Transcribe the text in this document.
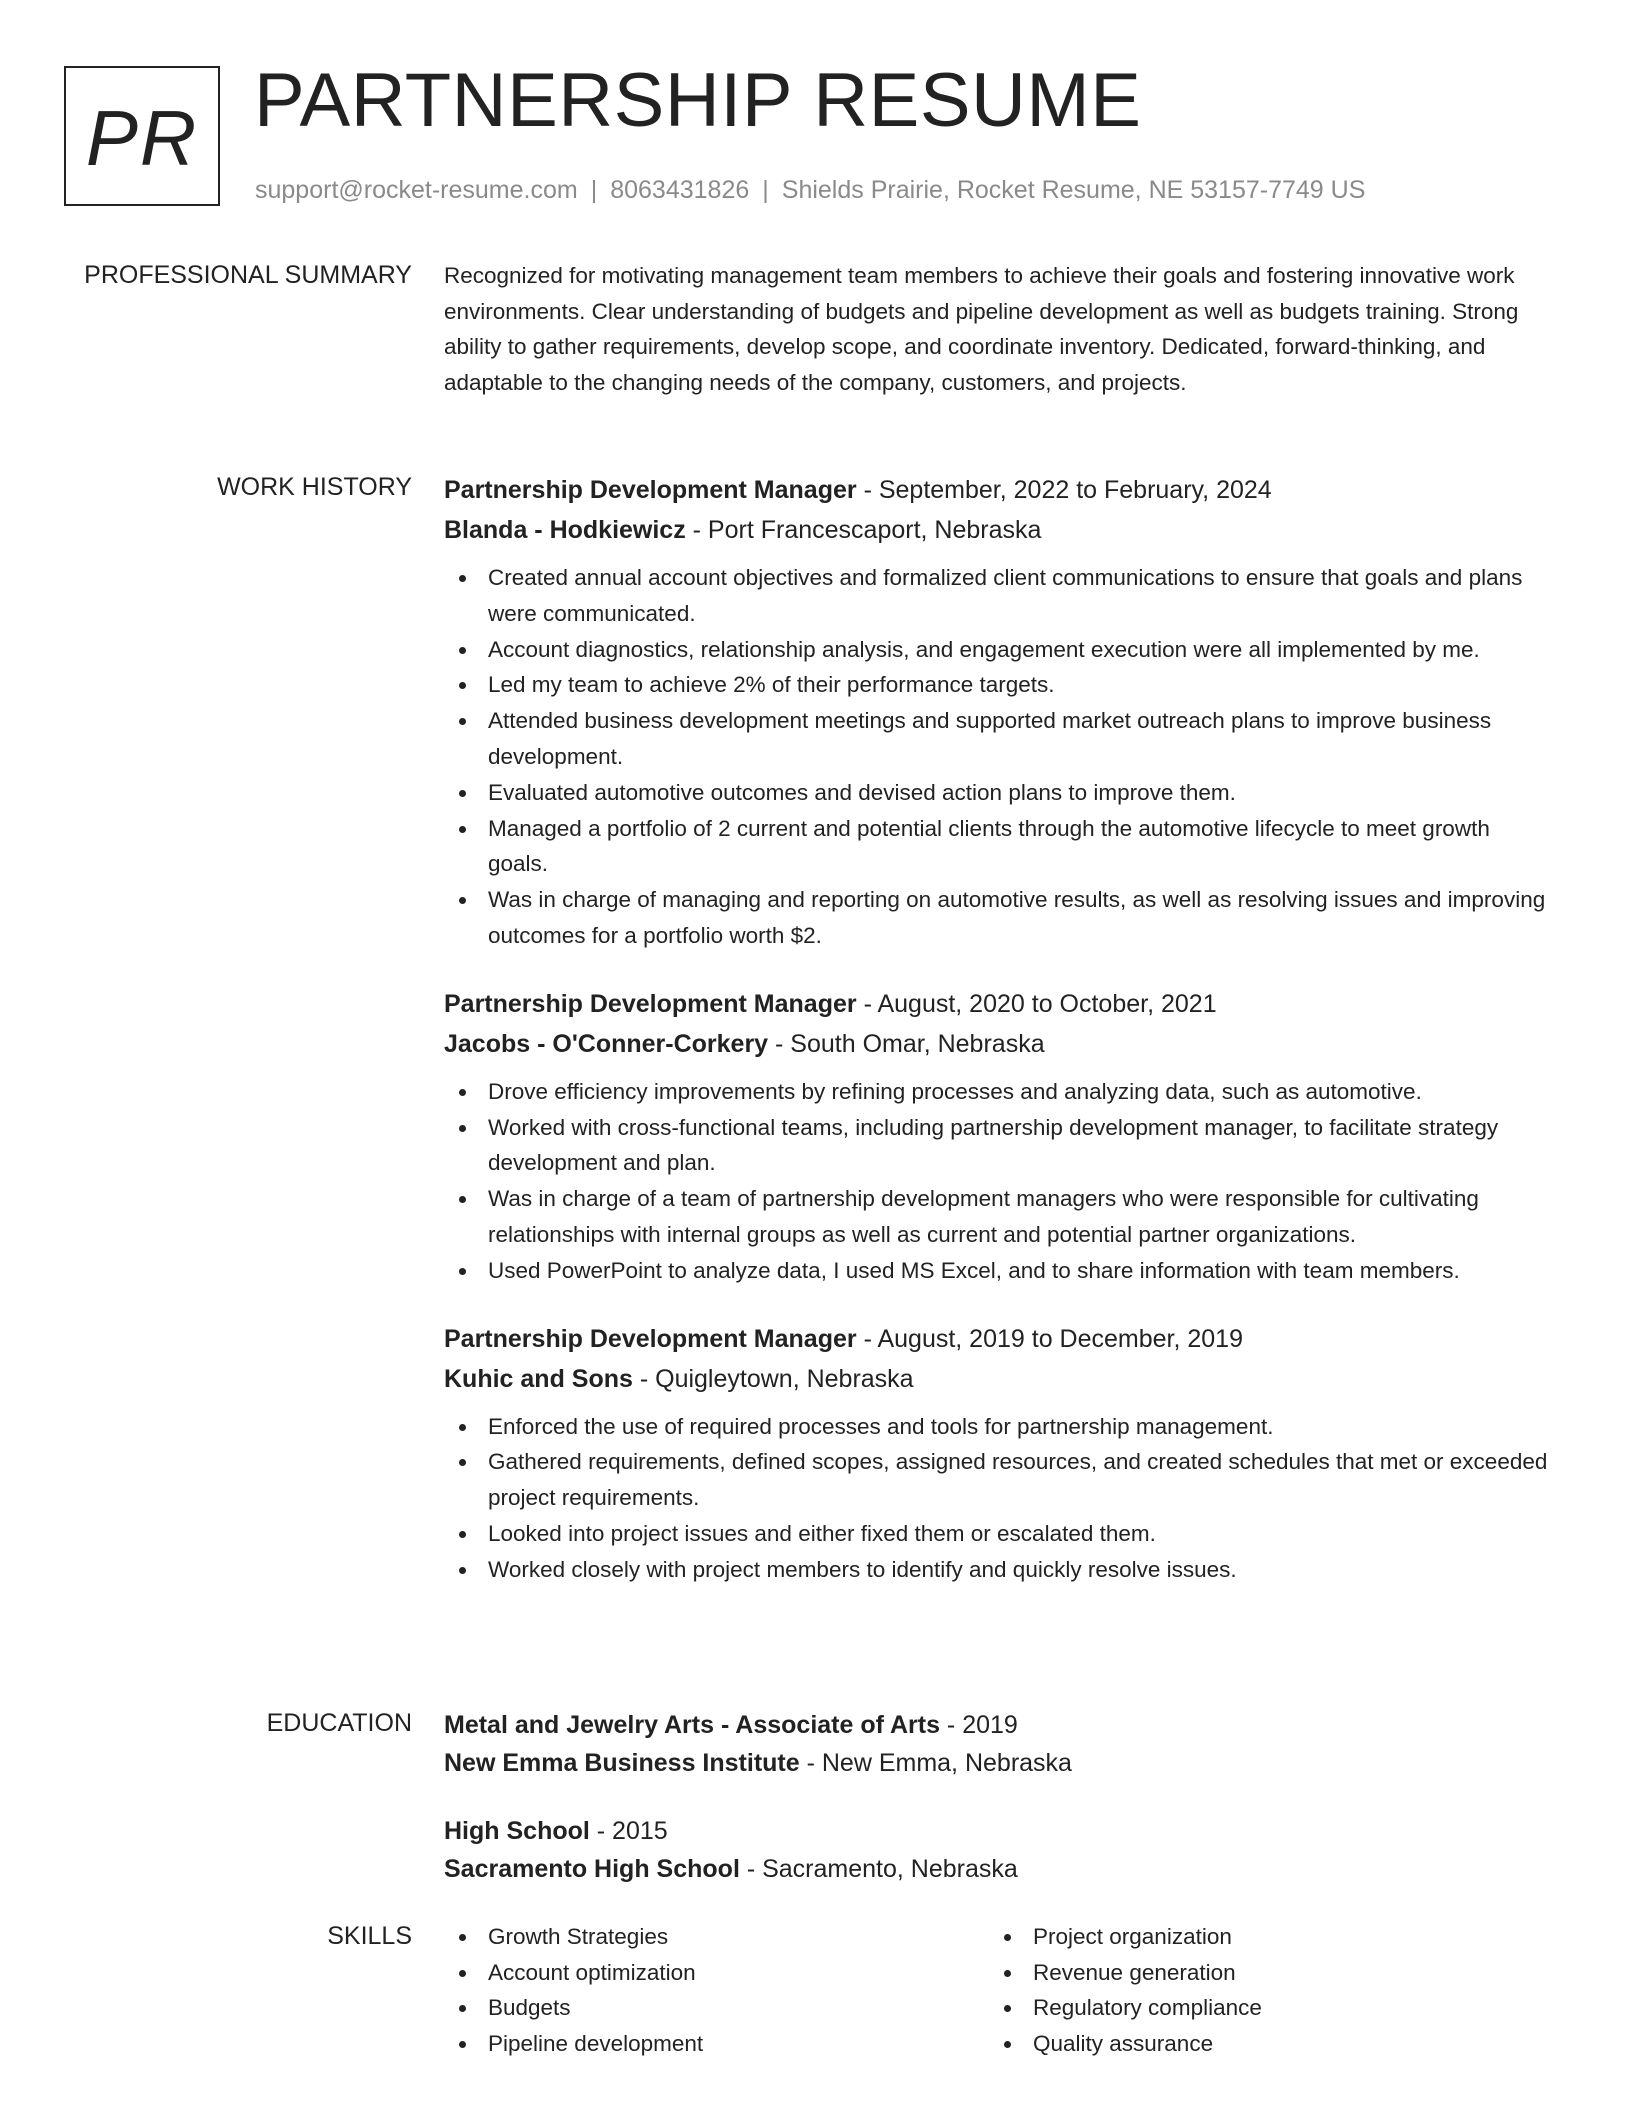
PR PARTNERSHIP RESUME
support@rocket-resume.com | 8063431826 | Shields Prairie, Rocket Resume, NE 53157-7749 US
PROFESSIONAL SUMMARY Recognized for motivating management team members to achieve their goals and fostering innovative work environments. Clear understanding of budgets and pipeline development as well as budgets training. Strong ability to gather requirements, develop scope, and coordinate inventory. Dedicated, forward-thinking, and adaptable to the changing needs of the company, customers, and projects.

WORK HISTORY Partnership Development Manager - September, 2022 to February, 2024
Blanda - Hodkiewicz - Port Francescaport, Nebraska
Created annual account objectives and formalized client communications to ensure that goals and plans were communicated.
Account diagnostics, relationship analysis, and engagement execution were all implemented by me.
Led my team to achieve 2% of their performance targets.
Attended business development meetings and supported market outreach plans to improve business development.
Evaluated automotive outcomes and devised action plans to improve them.
Managed a portfolio of 2 current and potential clients through the automotive lifecycle to meet growth goals.
Was in charge of managing and reporting on automotive results, as well as resolving issues and improving outcomes for a portfolio worth $2.
Partnership Development Manager - August, 2020 to October, 2021
Jacobs - O'Conner-Corkery - South Omar, Nebraska
Drove efficiency improvements by refining processes and analyzing data, such as automotive.
Worked with cross-functional teams, including partnership development manager, to facilitate strategy development and plan.
Was in charge of a team of partnership development managers who were responsible for cultivating relationships with internal groups as well as current and potential partner organizations.
Used PowerPoint to analyze data, I used MS Excel, and to share information with team members.
Partnership Development Manager - August, 2019 to December, 2019
Kuhic and Sons - Quigleytown, Nebraska
Enforced the use of required processes and tools for partnership management.
Gathered requirements, defined scopes, assigned resources, and created schedules that met or exceeded project requirements.
Looked into project issues and either fixed them or escalated them.
Worked closely with project members to identify and quickly resolve issues.
EDUCATION Metal and Jewelry Arts - Associate of Arts - 2019
New Emma Business Institute - New Emma, Nebraska
High School - 2015
Sacramento High School - Sacramento, Nebraska
SKILLS	Growth Strategies
Account optimization
Budgets
Pipeline development
Project organization
Revenue generation
Regulatory compliance
Quality assurance
